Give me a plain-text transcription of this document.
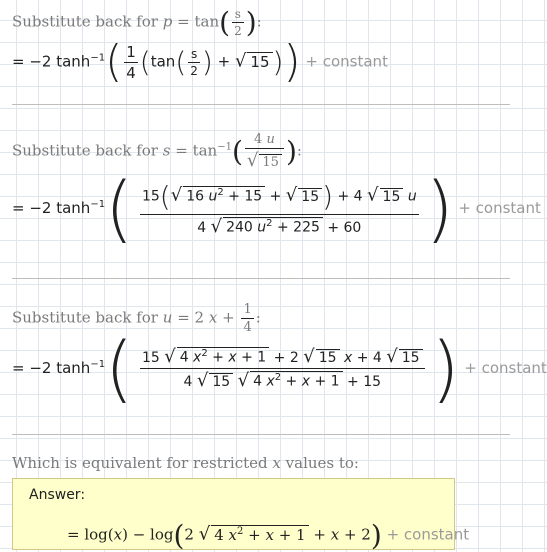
Substitute back for $p = \tan( \frac{s}{2}$ ):
= −2 $\tanh^{-1}( \frac{1}{4} (\tan( \frac{s}{2}$ ) + √ 15 )) + constant
Substitute back for $s = \tan^{-1}( \frac{4 u}{√ 15}$ ):
= −2 $\tanh^{-1}( \frac{15(√ 16 u^2 + 15 + √ 15 ) + 4 √ 15 u}{4 √ 240 u^2 + 225 + 60}$ ) + constant
Substitute back for u = 2 $x + \frac{1}{4}$ :
= −2 $\tanh^{-1}( \frac{15 √ 4 x^2 + x + 1 + 2 √ 15 x + 4 √ 15}{4 √ 15 √ 4 x^2 + x + 1 + 15}$ ) + constant
Which is equivalent for restricted x values to:
Answer:
= log(x) − log(2 √ 4 $x^2 + x + 1 + x + 2$) + constant
